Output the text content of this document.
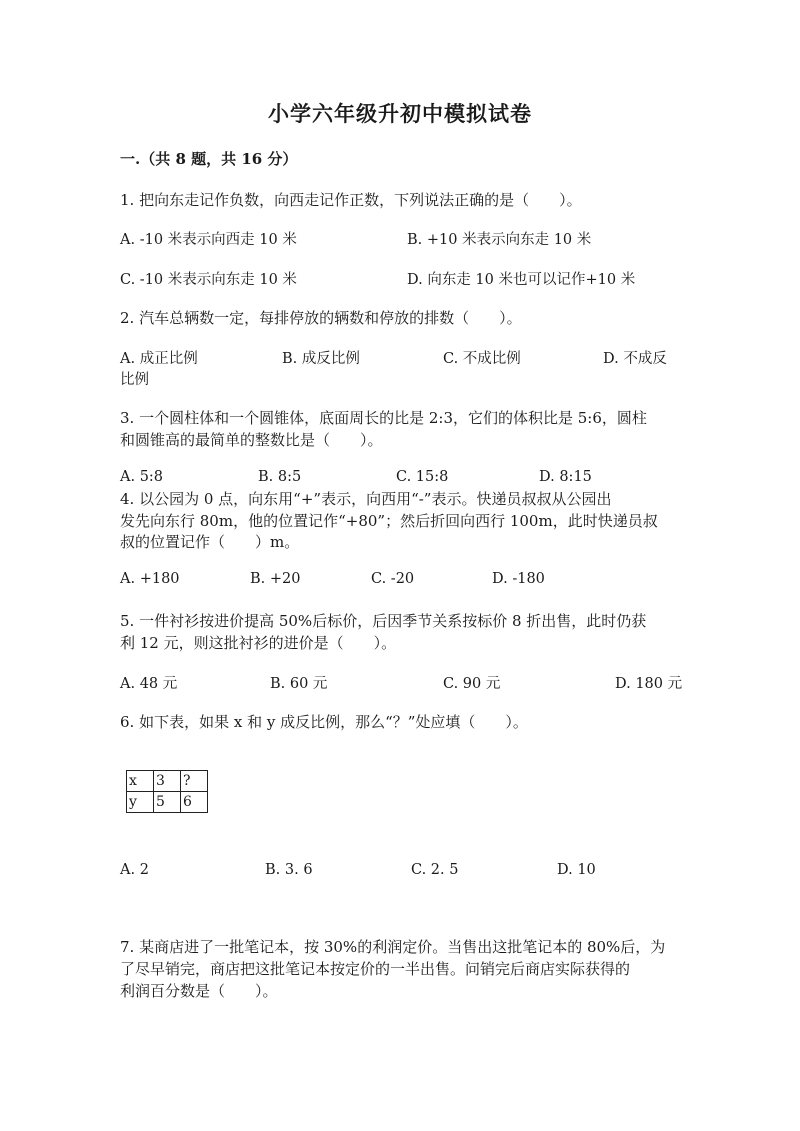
小学六年级升初中模拟试卷
一.（共 8 题，共 16 分）
1. 把向东走记作负数，向西走记作正数，下列说法正确的是（　　）。
A. -10 米表示向西走 10 米	B. +10 米表示向东走 10 米
C. -10 米表示向东走 10 米	D. 向东走 10 米也可以记作+10 米
2. 汽车总辆数一定，每排停放的辆数和停放的排数（　　）。
A. 成正比例	B. 成反比例	C. 不成比例	D. 不成反
比例
3. 一个圆柱体和一个圆锥体，底面周长的比是 2:3，它们的体积比是 5:6，圆柱
和圆锥高的最简单的整数比是（　　）。
A. 5:8	B. 8:5	C. 15:8	D. 8:15
4. 以公园为 0 点，向东用“+”表示，向西用“-”表示。快递员叔叔从公园出
发先向东行 80m，他的位置记作“+80”；然后折回向西行 100m，此时快递员叔
叔的位置记作（　　）m。
A. +180	B. +20	C. -20	D. -180
5. 一件衬衫按进价提高 50%后标价，后因季节关系按标价 8 折出售，此时仍获
利 12 元，则这批衬衫的进价是（　　）。
A. 48 元	B. 60 元	C. 90 元	D. 180 元
6. 如下表，如果 x 和 y 成反比例，那么“？”处应填（　　）。
x	3	?
y	5	6
A. 2	B. 3. 6	C. 2. 5	D. 10
7. 某商店进了一批笔记本，按 30%的利润定价。当售出这批笔记本的 80%后，为
了尽早销完，商店把这批笔记本按定价的一半出售。问销完后商店实际获得的
利润百分数是（　　）。
